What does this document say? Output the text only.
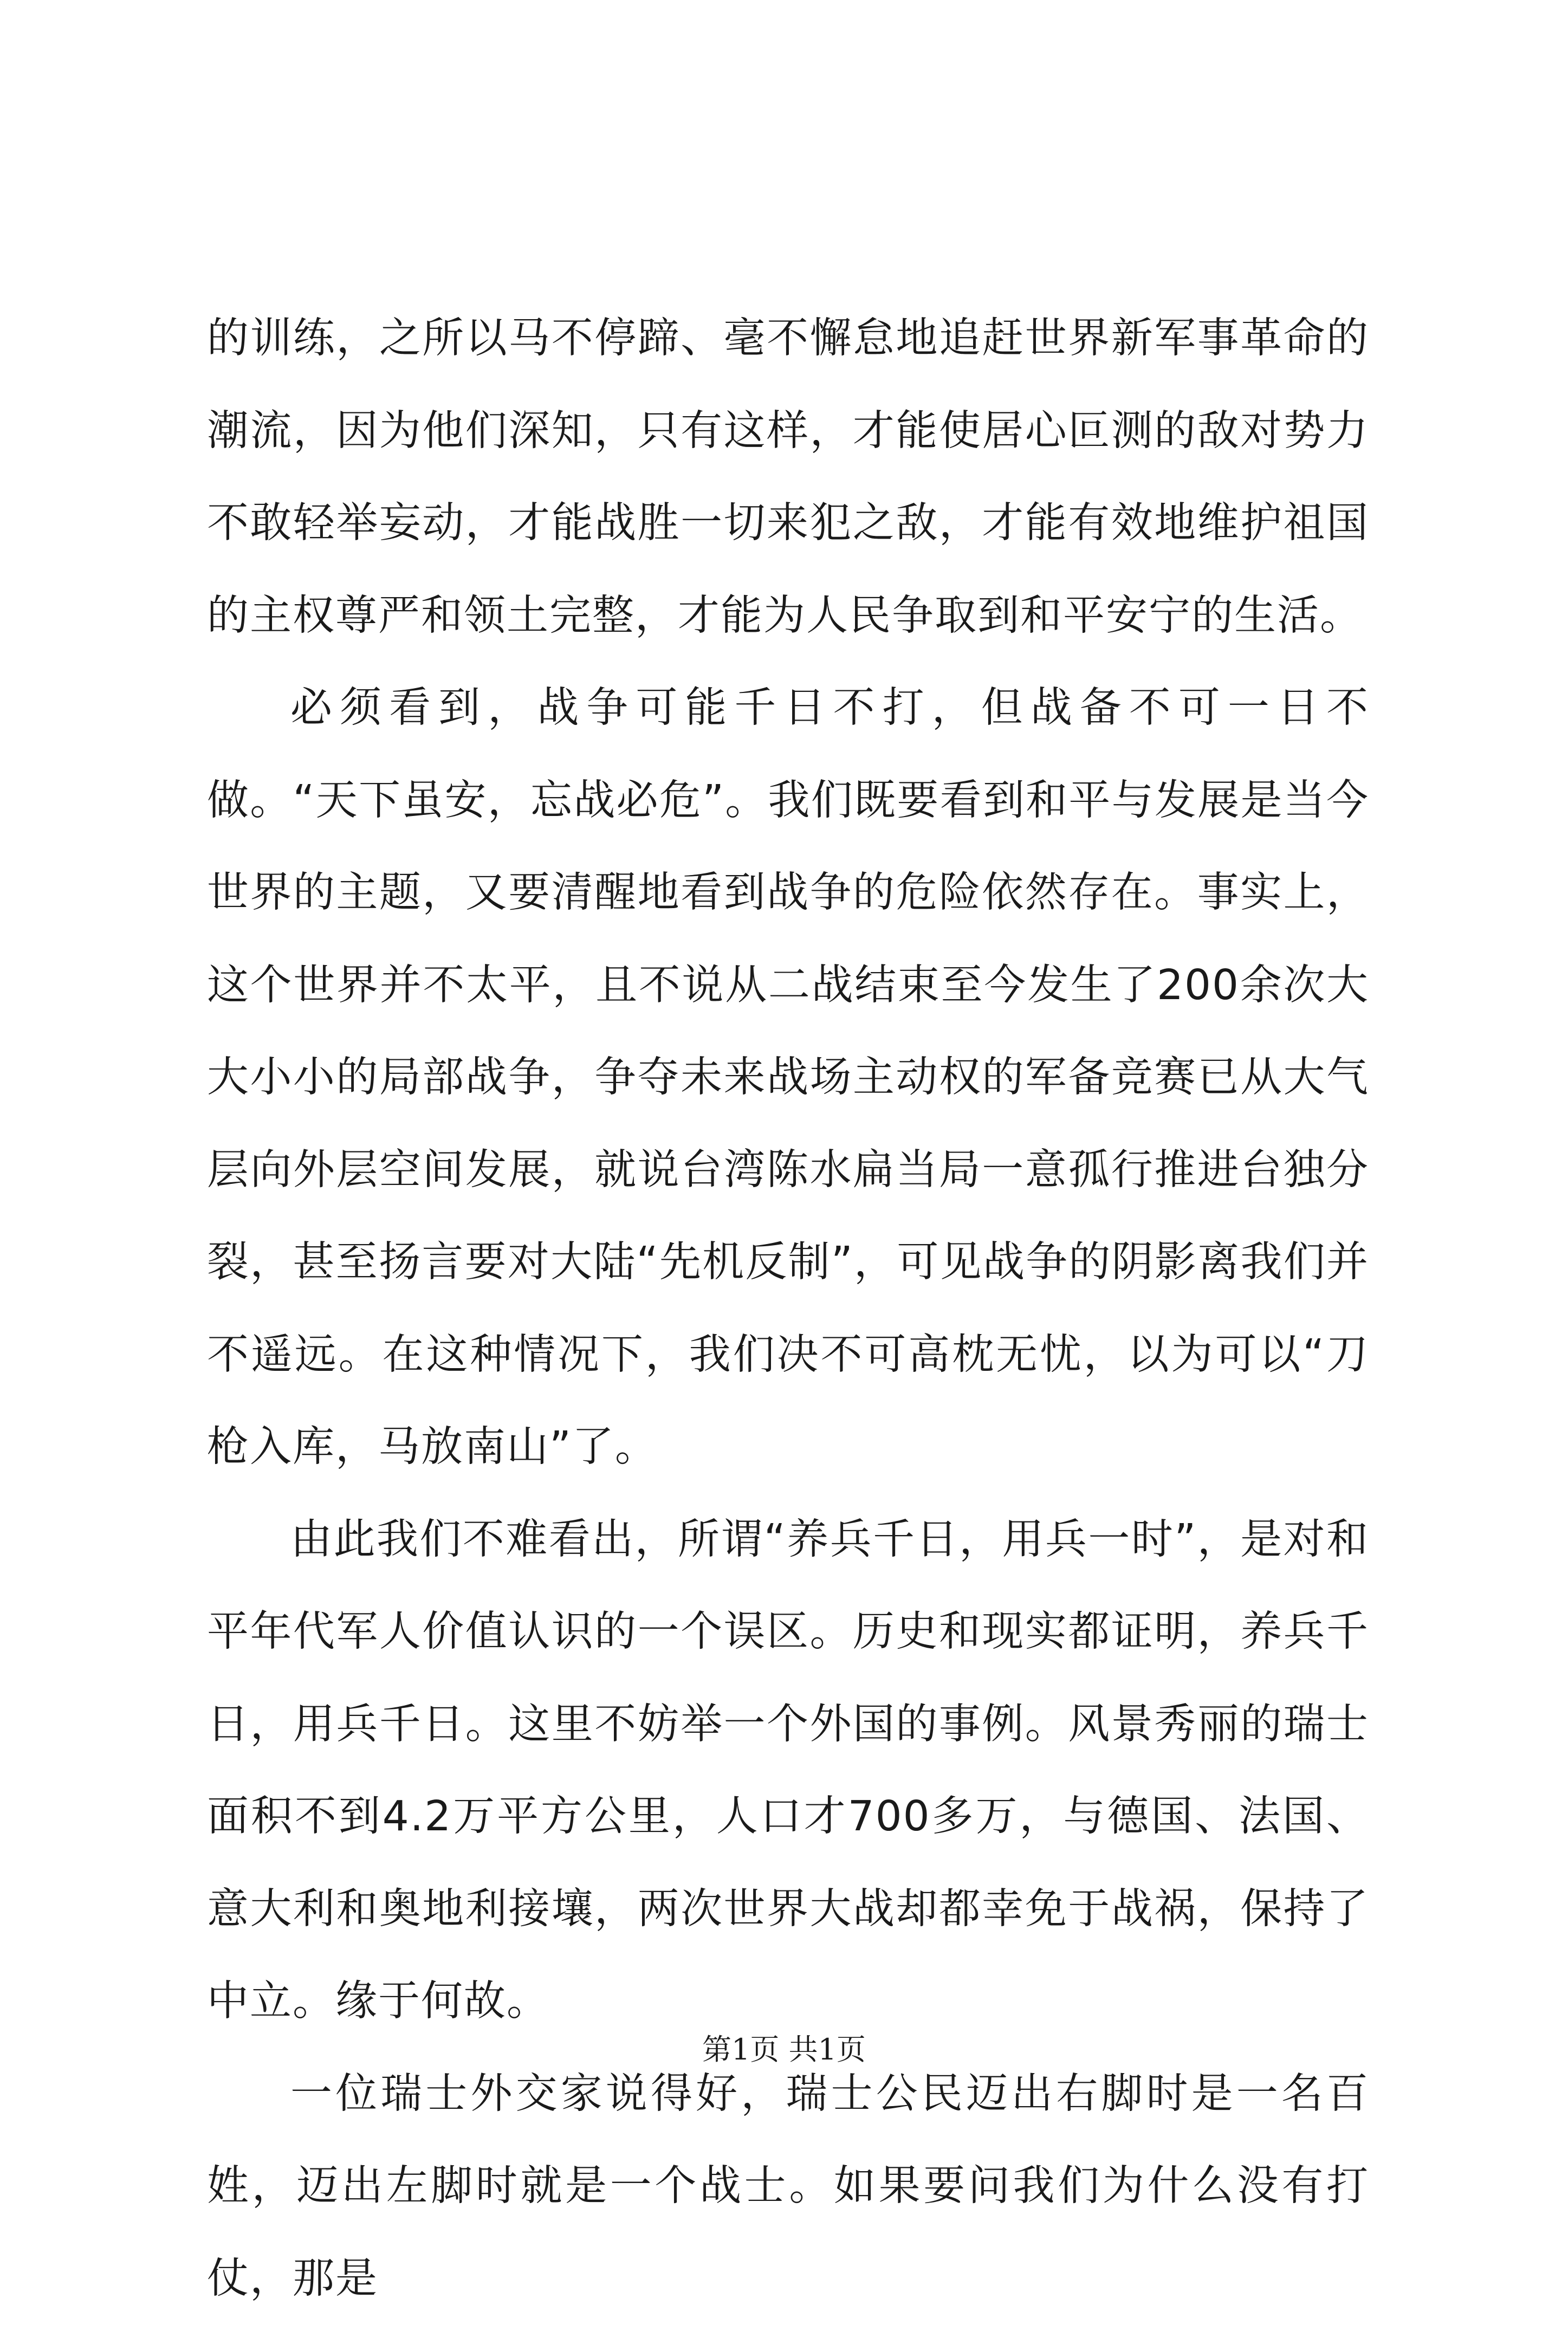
的训练，之所以马不停蹄、毫不懈怠地追赶世界新军事革命的潮流，因为他们深知，只有这样，才能使居心叵测的敌对势力不敢轻举妄动，才能战胜一切来犯之敌，才能有效地维护祖国的主权尊严和领土完整，才能为人民争取到和平安宁的生活。

必须看到，战争可能千日不打，但战备不可一日不做。“天下虽安，忘战必危”。我们既要看到和平与发展是当今世界的主题，又要清醒地看到战争的危险依然存在。事实上，这个世界并不太平，且不说从二战结束至今发生了200余次大大小小的局部战争，争夺未来战场主动权的军备竞赛已从大气层向外层空间发展，就说台湾陈水扁当局一意孤行推进台独分裂，甚至扬言要对大陆“先机反制”，可见战争的阴影离我们并不遥远。在这种情况下，我们决不可高枕无忧，以为可以“刀枪入库，马放南山”了。

由此我们不难看出，所谓“养兵千日，用兵一时”，是对和平年代军人价值认识的一个误区。历史和现实都证明，养兵千日，用兵千日。这里不妨举一个外国的事例。风景秀丽的瑞士面积不到4.2万平方公里，人口才700多万，与德国、法国、意大利和奥地利接壤，两次世界大战却都幸免于战祸，保持了中立。缘于何故。

一位瑞士外交家说得好，瑞士公民迈出右脚时是一名百姓，迈出左脚时就是一个战士。如果要问我们为什么没有打仗，那是

第1页 共1页
